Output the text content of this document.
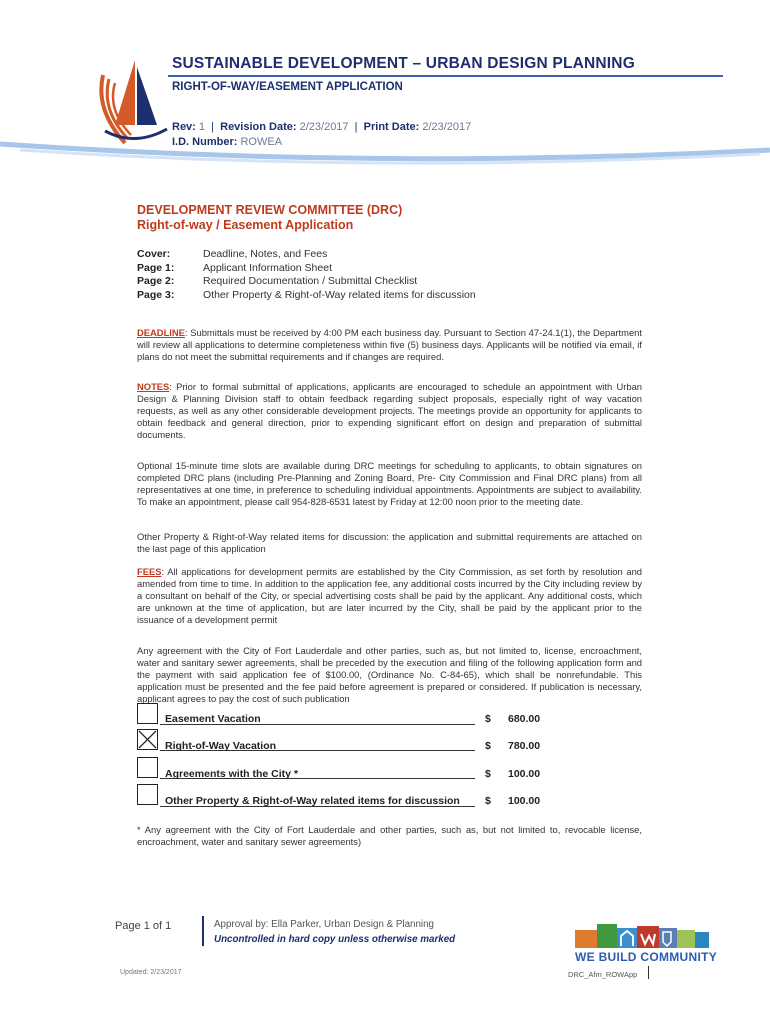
SUSTAINABLE DEVELOPMENT – URBAN DESIGN PLANNING
RIGHT-OF-WAY/EASEMENT APPLICATION
Rev: 1  |  Revision Date: 2/23/2017  |  Print Date: 2/23/2017
I.D. Number: ROWEA
DEVELOPMENT REVIEW COMMITTEE (DRC)
Right-of-way / Easement Application
Cover:	Deadline, Notes, and Fees
Page 1:	Applicant Information Sheet
Page 2:	Required Documentation / Submittal Checklist
Page 3:	Other Property & Right-of-Way related items for discussion
DEADLINE: Submittals must be received by 4:00 PM each business day. Pursuant to Section 47-24.1(1), the Department will review all applications to determine completeness within five (5) business days. Applicants will be notified via email, if plans do not meet the submittal requirements and if changes are required.
NOTES: Prior to formal submittal of applications, applicants are encouraged to schedule an appointment with Urban Design & Planning Division staff to obtain feedback regarding subject proposals, especially right of way vacation requests, as well as any other considerable development projects. The meetings provide an opportunity for applicants to obtain feedback and general direction, prior to expending significant effort on design and preparation of submittal documents.
Optional 15-minute time slots are available during DRC meetings for scheduling to applicants, to obtain signatures on completed DRC plans (including Pre-Planning and Zoning Board, Pre- City Commission and Final DRC plans) from all representatives at one time, in preference to scheduling individual appointments. Appointments are subject to availability. To make an appointment, please call 954-828-6531 latest by Friday at 12:00 noon prior to the meeting date.
Other Property & Right-of-Way related items for discussion: the application and submittal requirements are attached on the last page of this application
FEES: All applications for development permits are established by the City Commission, as set forth by resolution and amended from time to time. In addition to the application fee, any additional costs incurred by the City including review by a consultant on behalf of the City, or special advertising costs shall be paid by the applicant. Any additional costs, which are unknown at the time of application, but are later incurred by the City, shall be paid by the applicant prior to the issuance of a development permit
Any agreement with the City of Fort Lauderdale and other parties, such as, but not limited to, license, encroachment, water and sanitary sewer agreements, shall be preceded by the execution and filing of the following application form and the payment with said application fee of $100.00, (Ordinance No. C-84-65), which shall be nonrefundable. This application must be presented and the fee paid before agreement is prepared or considered. If publication is necessary, applicant agrees to pay the cost of such publication
Easement Vacation	$ 680.00
Right-of-Way Vacation	$ 780.00
Agreements with the City *	$ 100.00
Other Property & Right-of-Way related items for discussion $ 100.00
* Any agreement with the City of Fort Lauderdale and other parties, such as, but not limited to, revocable license, encroachment, water and sanitary sewer agreements)
Page 1 of 1	Approval by: Ella Parker, Urban Design & Planning
Uncontrolled in hard copy unless otherwise marked
Updated: 2/23/2017
WE BUILD COMMUNITY
DRC_Afm_ROWApp
